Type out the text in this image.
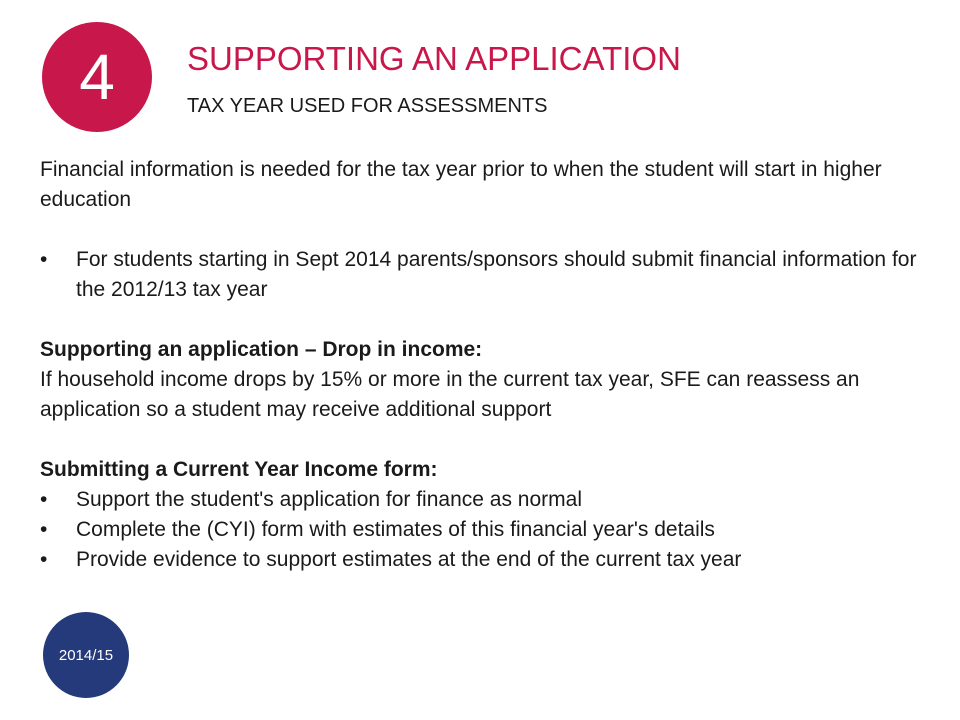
4 SUPPORTING AN APPLICATION
TAX YEAR USED FOR ASSESSMENTS

Financial information is needed for the tax year prior to when the student will start in higher education

• For students starting in Sept 2014 parents/sponsors should submit financial information for the 2012/13 tax year

Supporting an application – Drop in income:

If household income drops by 15% or more in the current tax year, SFE can reassess an application so a student may receive additional support

Submitting a Current Year Income form:

• Support the student's application for finance as normal
• Complete the (CYI) form with estimates of this financial year's details
• Provide evidence to support estimates at the end of the current tax year
2014/15
